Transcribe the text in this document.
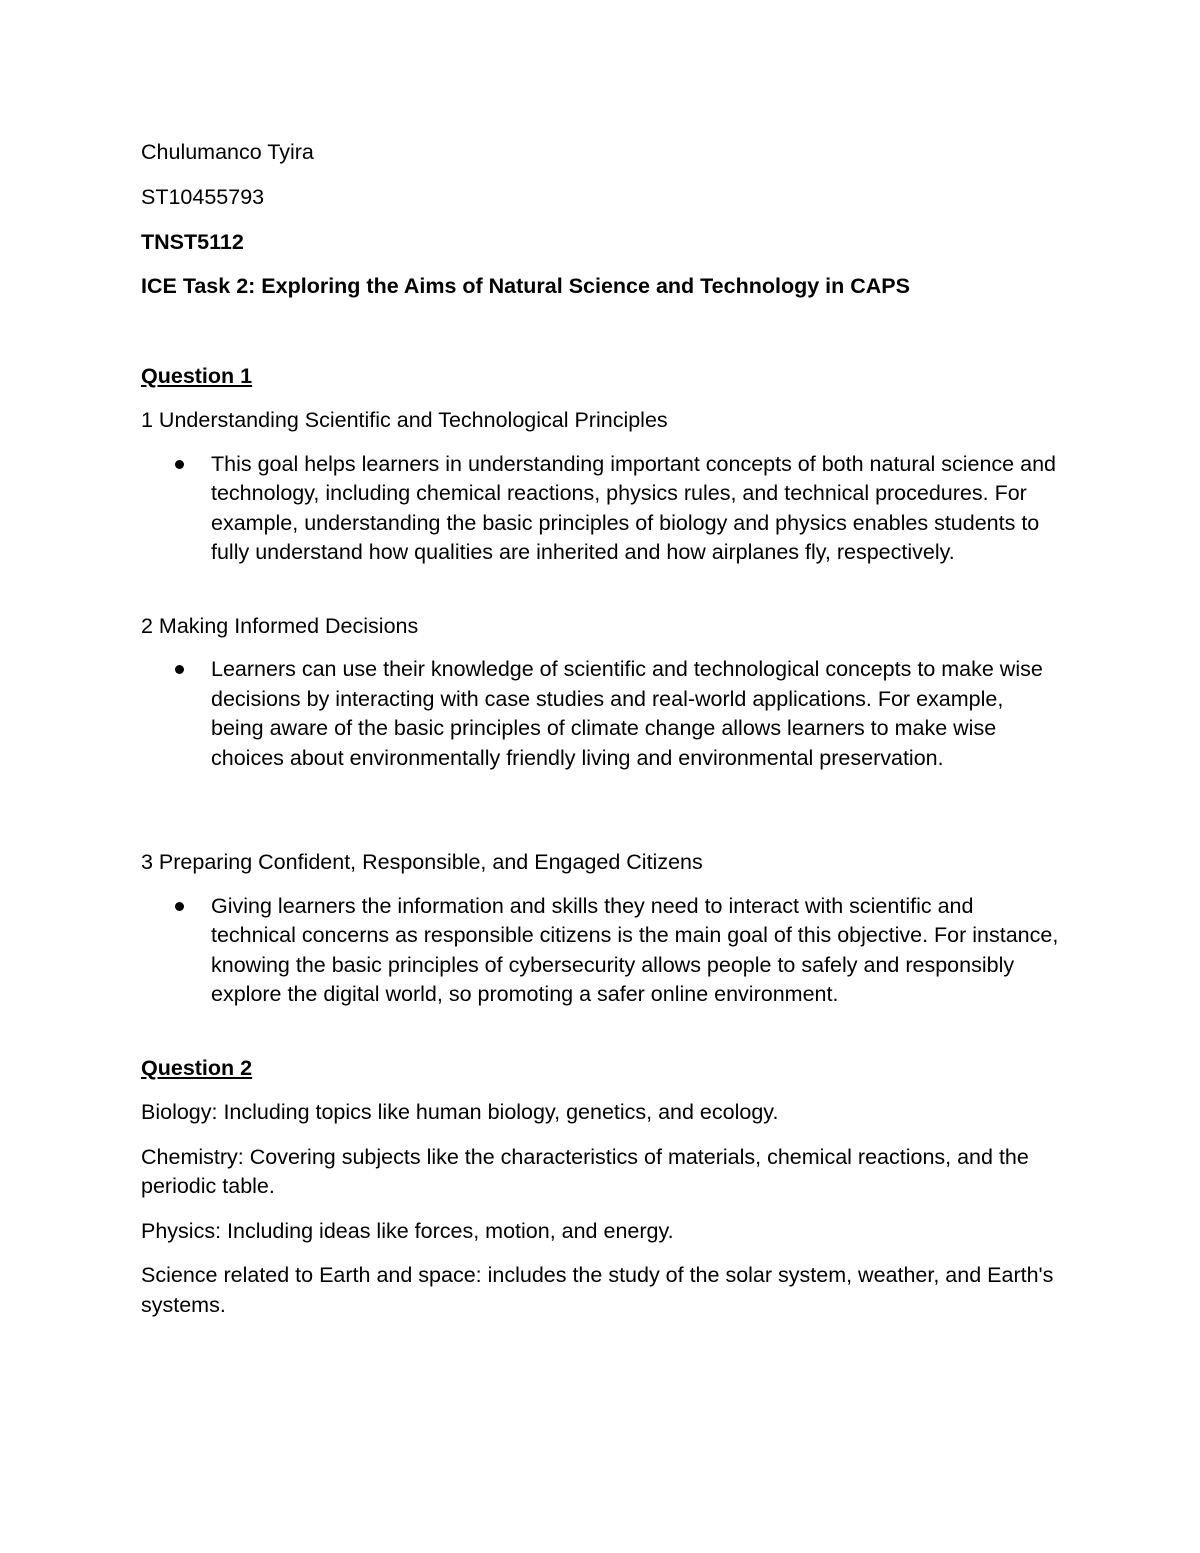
Chulumanco Tyira

ST10455793

TNST5112

ICE Task 2: Exploring the Aims of Natural Science and Technology in CAPS

Question 1

1 Understanding Scientific and Technological Principles

This goal helps learners in understanding important concepts of both natural science and technology, including chemical reactions, physics rules, and technical procedures. For example, understanding the basic principles of biology and physics enables students to fully understand how qualities are inherited and how airplanes fly, respectively.

2 Making Informed Decisions

Learners can use their knowledge of scientific and technological concepts to make wise decisions by interacting with case studies and real-world applications. For example, being aware of the basic principles of climate change allows learners to make wise choices about environmentally friendly living and environmental preservation.

3 Preparing Confident, Responsible, and Engaged Citizens

Giving learners the information and skills they need to interact with scientific and technical concerns as responsible citizens is the main goal of this objective. For instance, knowing the basic principles of cybersecurity allows people to safely and responsibly explore the digital world, so promoting a safer online environment.

Question 2

Biology: Including topics like human biology, genetics, and ecology.

Chemistry: Covering subjects like the characteristics of materials, chemical reactions, and the periodic table.

Physics: Including ideas like forces, motion, and energy.

Science related to Earth and space: includes the study of the solar system, weather, and Earth's systems.
